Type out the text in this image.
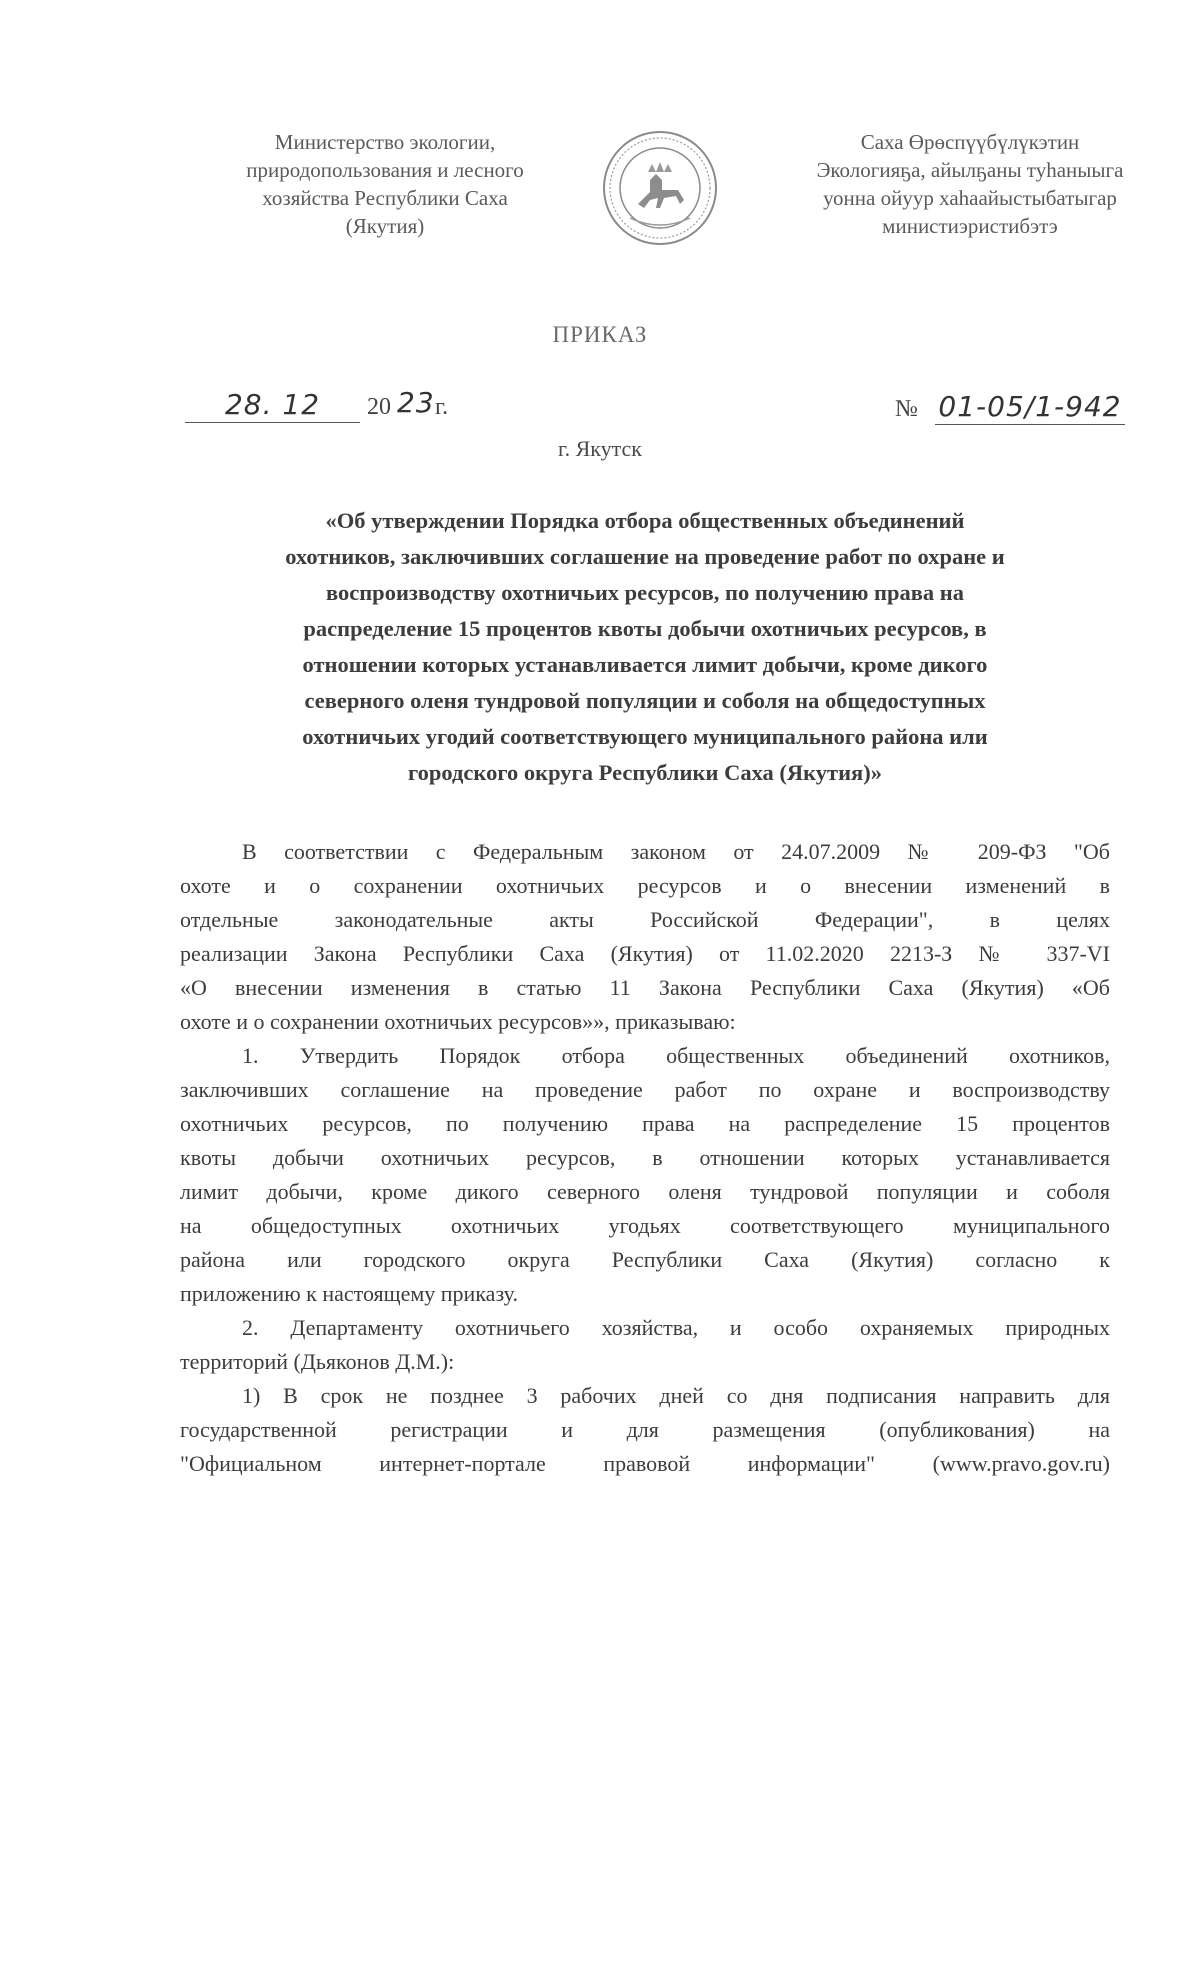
Министерство экологии,
природопользования и лесного
хозяйства Республики Саха
(Якутия)
Саха Өрөспүүбүлүкэтин
Экологияҕа, айылҕаны туһаныыга
уонна ойуур хаһаайыстыбатыгар
министиэристибэтэ
ПРИКАЗ
28. 12	20 23 г.	№ 01-05/1-942
г. Якутск
«Об утверждении Порядка отбора общественных объединений
охотников, заключивших соглашение на проведение работ по охране и
воспроизводству охотничьих ресурсов, по получению права на
распределение 15 процентов квоты добычи охотничьих ресурсов, в
отношении которых устанавливается лимит добычи, кроме дикого
северного оленя тундровой популяции и соболя на общедоступных
охотничьих угодий соответствующего муниципального района или
городского округа Республики Саха (Якутия)»
В соответствии с Федеральным законом от 24.07.2009 № 209-ФЗ "Об
охоте и о сохранении охотничьих ресурсов и о внесении изменений в
отдельные законодательные акты Российской Федерации", в целях
реализации Закона Республики Саха (Якутия) от 11.02.2020 2213-З № 337-VI
«О внесении изменения в статью 11 Закона Республики Саха (Якутия) «Об
охоте и о сохранении охотничьих ресурсов»», приказываю:
1. Утвердить Порядок отбора общественных объединений охотников,
заключивших соглашение на проведение работ по охране и воспроизводству
охотничьих ресурсов, по получению права на распределение 15 процентов
квоты добычи охотничьих ресурсов, в отношении которых устанавливается
лимит добычи, кроме дикого северного оленя тундровой популяции и соболя
на общедоступных охотничьих угодьях соответствующего муниципального
района или городского округа Республики Саха (Якутия) согласно к
приложению к настоящему приказу.
2. Департаменту охотничьего хозяйства, и особо охраняемых природных
территорий (Дьяконов Д.М.):
1) В срок не позднее 3 рабочих дней со дня подписания направить для
государственной регистрации и для размещения (опубликования) на
"Официальном интернет-портале правовой информации" (www.pravo.gov.ru)
